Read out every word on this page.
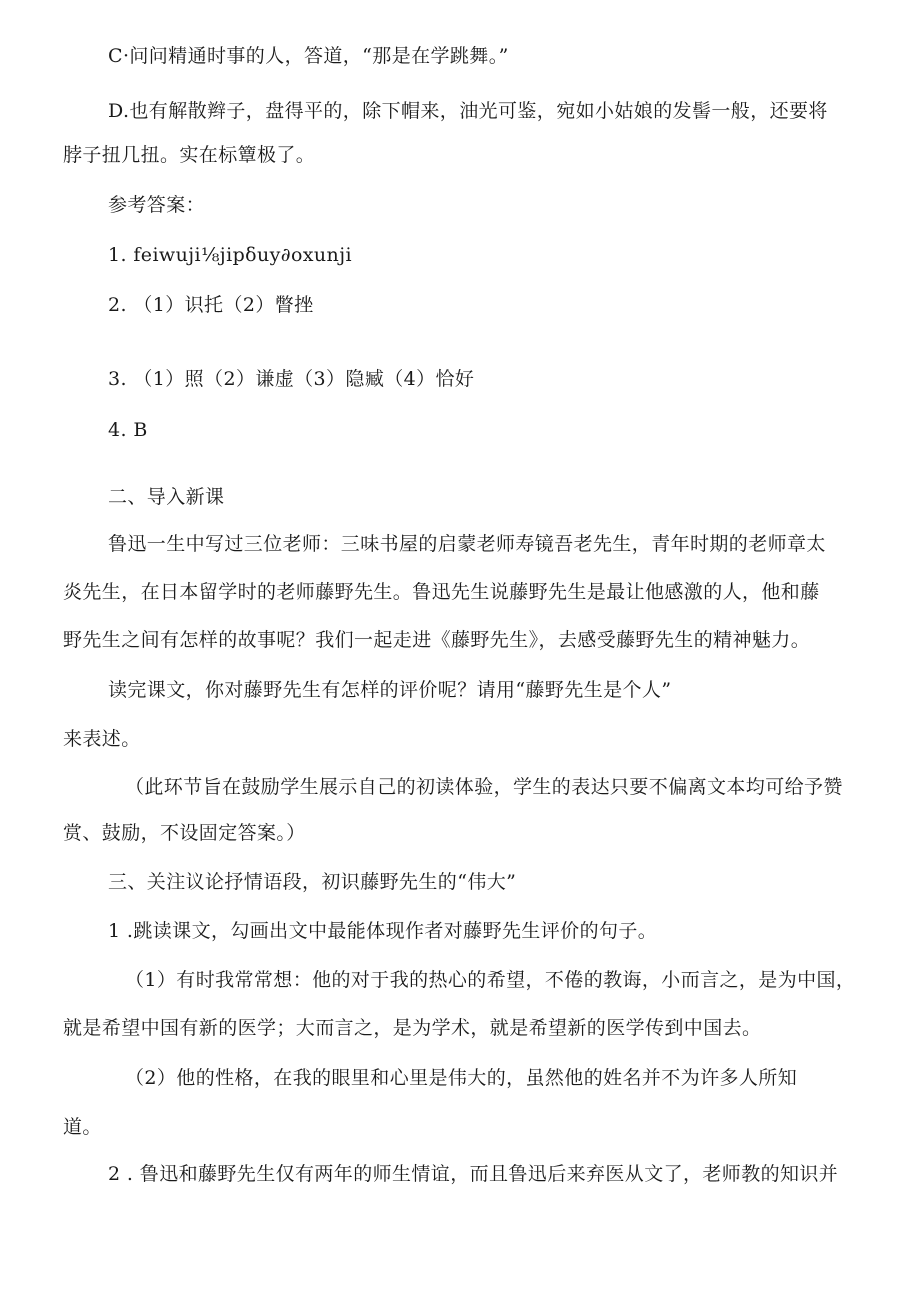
C·问问精通时事的人，答道，“那是在学跳舞。”
D.也有解散辫子，盘得平的，除下帽来，油光可鉴，宛如小姑娘的发髻一般，还要将
脖子扭几扭。实在标簟极了。
参考答案：
1. feiwuji⅛jipδuy∂oxunji
2. （1）识托（2）瞥挫
3. （1）照（2）谦虚（3）隐臧（4）恰好
4. B
二、导入新课
鲁迅一生中写过三位老师：三味书屋的启蒙老师寿镜吾老先生，青年时期的老师章太
炎先生，在日本留学时的老师藤野先生。鲁迅先生说藤野先生是最让他感激的人，他和藤
野先生之间有怎样的故事呢？我们一起走进《藤野先生》，去感受藤野先生的精神魅力。
读完课文，你对藤野先生有怎样的评价呢？请用“藤野先生是个人”
来表述。
（此环节旨在鼓励学生展示自己的初读体验，学生的表达只要不偏离文本均可给予赞
赏、鼓励，不设固定答案。）
三、关注议论抒情语段，初识藤野先生的“伟大”
1 .跳读课文，勾画出文中最能体现作者对藤野先生评价的句子。
（1）有时我常常想：他的对于我的热心的希望，不倦的教诲，小而言之，是为中国，
就是希望中国有新的医学；大而言之，是为学术，就是希望新的医学传到中国去。
（2）他的性格，在我的眼里和心里是伟大的，虽然他的姓名并不为许多人所知
道。
2 . 鲁迅和藤野先生仅有两年的师生情谊，而且鲁迅后来弃医从文了，老师教的知识并
